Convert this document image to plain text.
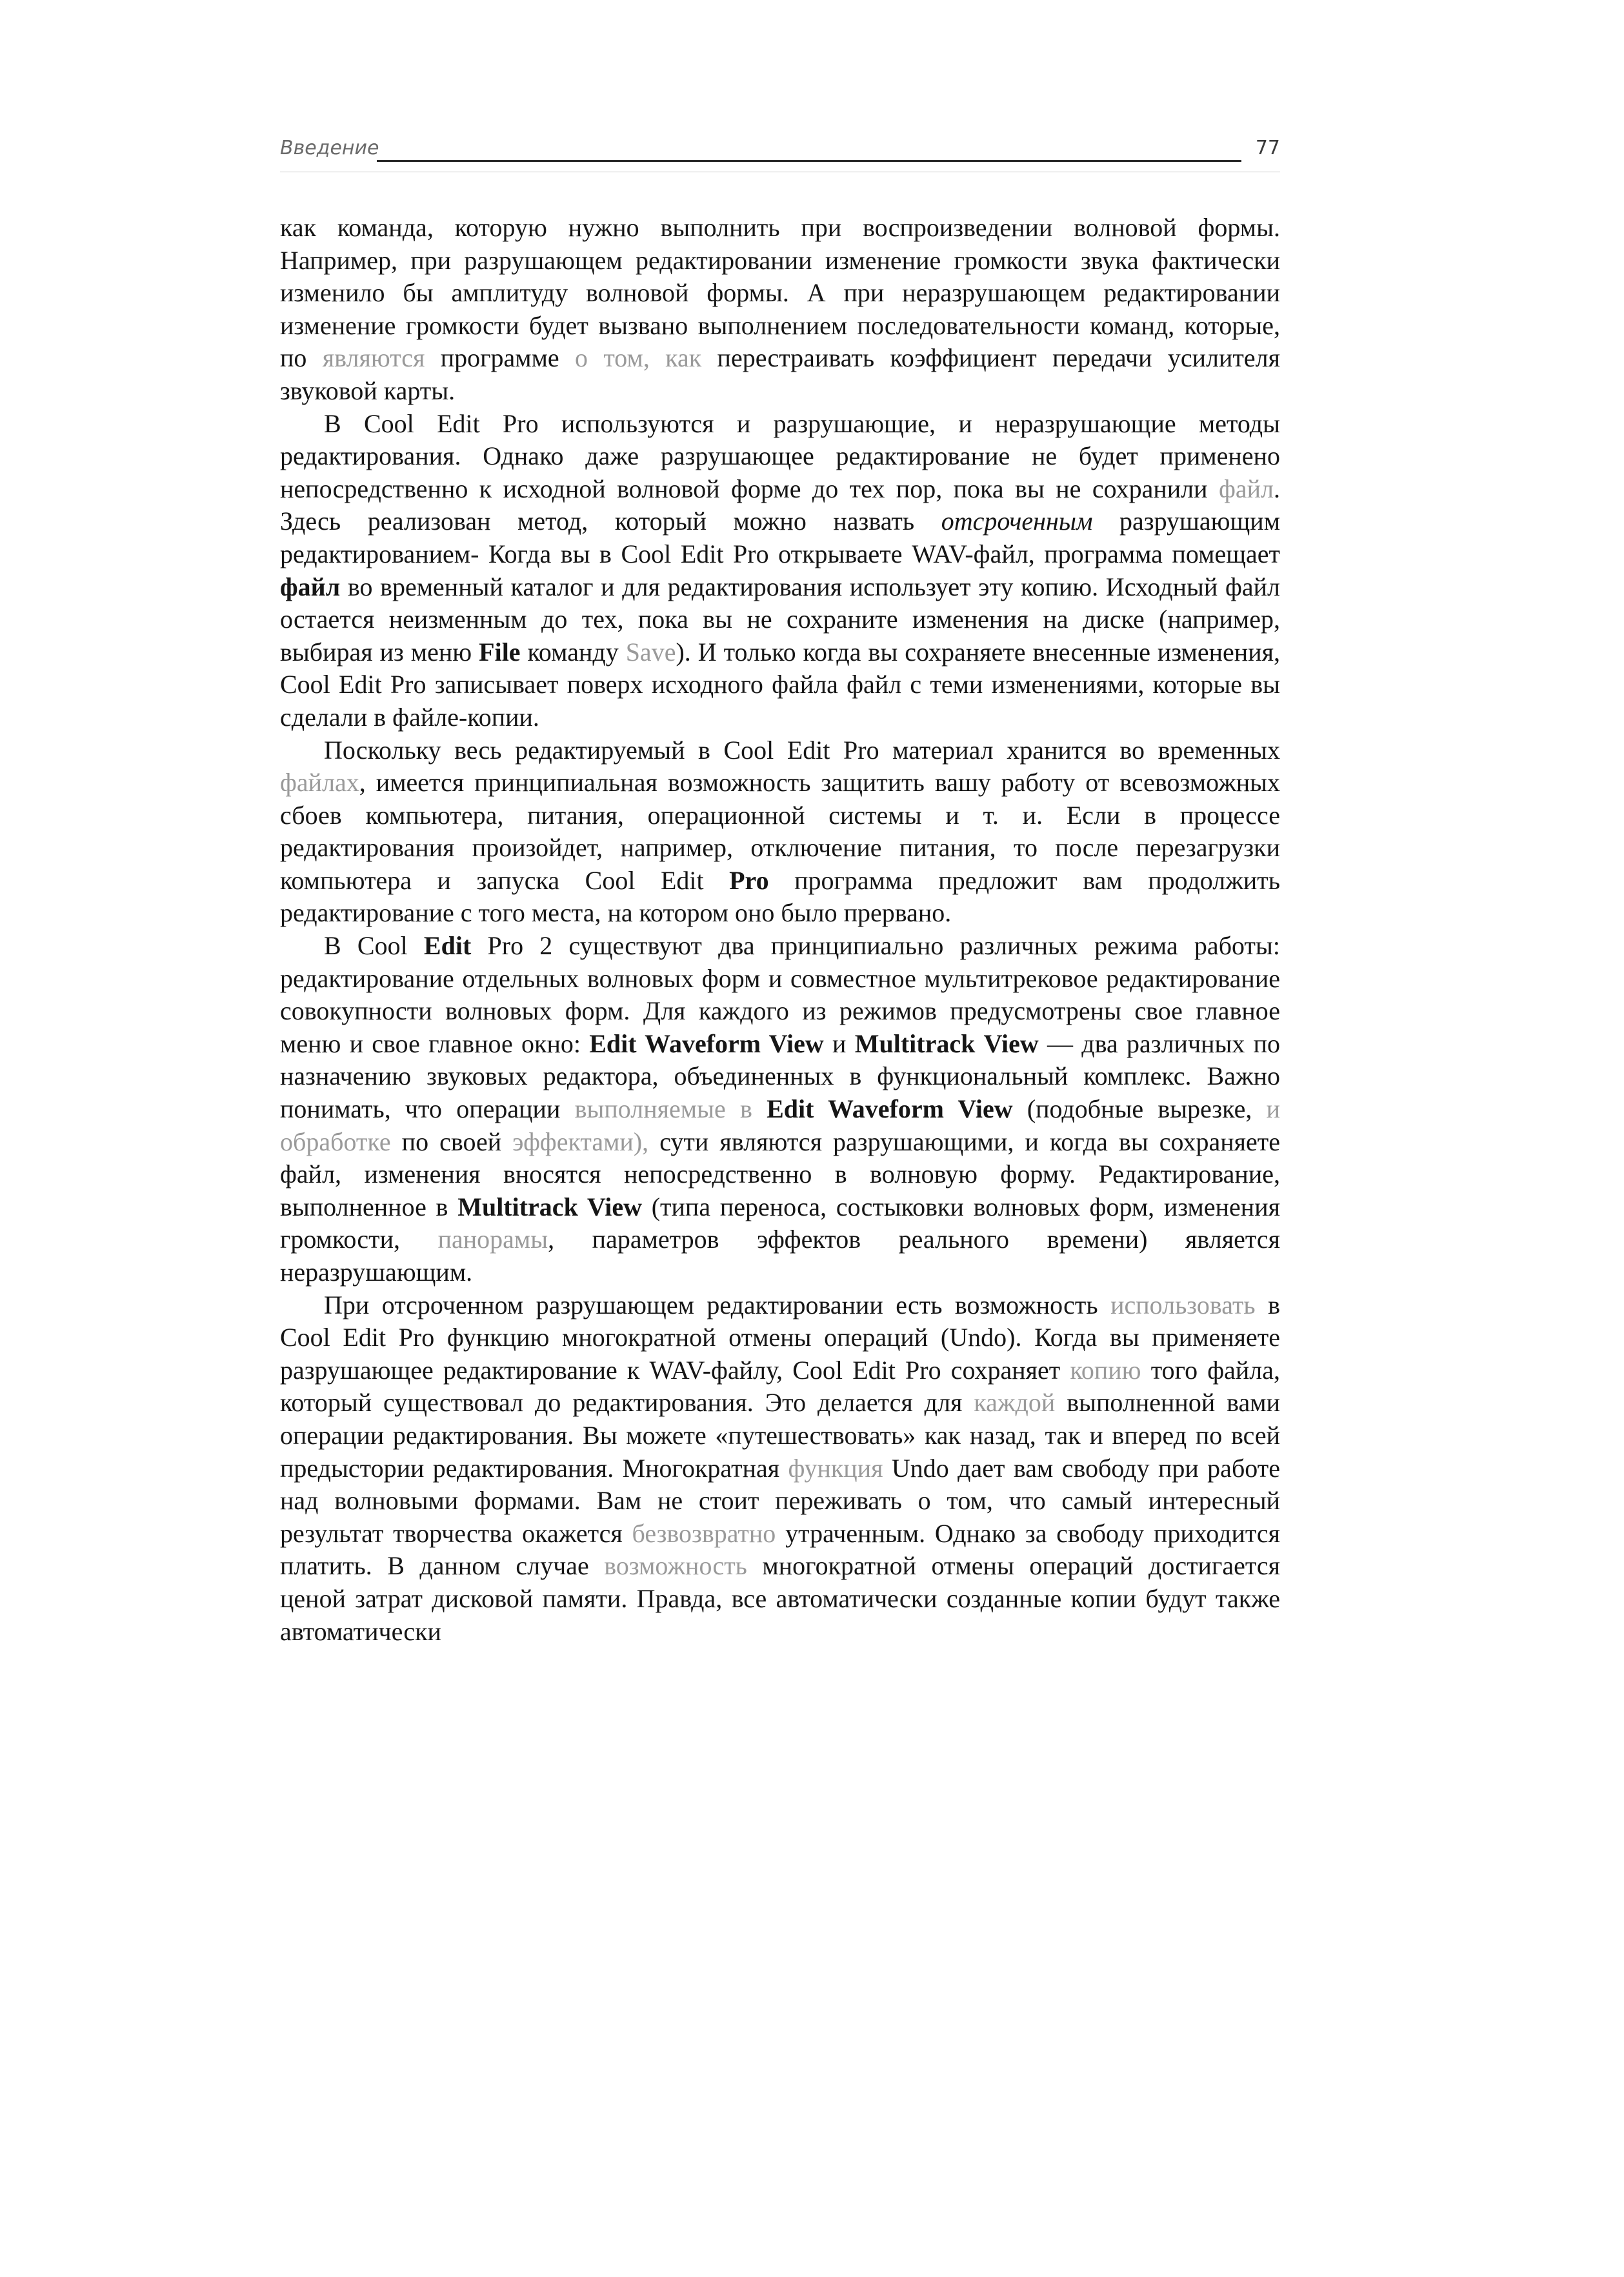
Введение	77

как команда, которую нужно выполнить при воспроизведении волновой формы. Например, при разрушающем редактировании изменение громкости звука фактически изменило бы амплитуду волновой формы. А при неразрушающем редактировании изменение громкости будет вызвано выполнением последовательности команд, которые, по являются программе о том, как перестраивать коэффициент передачи усилителя звуковой карты.

В Cool Edit Pro используются и разрушающие, и неразрушающие методы редактирования. Однако даже разрушающее редактирование не будет применено непосредственно к исходной волновой форме до тех пор, пока вы не сохранили файл. Здесь реализован метод, который можно назвать отсроченным разрушающим редактированием- Когда вы в Cool Edit Pro открываете WAV-файл, программа помещает файл во временный каталог и для редактирования использует эту копию. Исходный файл остается неизменным до тех, пока вы не сохраните изменения на диске (например, выбирая из меню File команду Save). И только когда вы сохраняете внесенные изменения, Cool Edit Pro записывает поверх исходного файла файл с теми изменениями, которые вы сделали в файле-копии.

Поскольку весь редактируемый в Cool Edit Pro материал хранится во временных файлах, имеется принципиальная возможность защитить вашу работу от всевозможных сбоев компьютера, питания, операционной системы и т. и. Если в процессе редактирования произойдет, например, отключение питания, то после перезагрузки компьютера и запуска Cool Edit Pro программа предложит вам продолжить редактирование с того места, на котором оно было прервано.

В Cool Edit Pro 2 существуют два принципиально различных режима работы: редактирование отдельных волновых форм и совместное мультитрековое редактирование совокупности волновых форм. Для каждого из режимов предусмотрены свое главное меню и свое главное окно: Edit Waveform View и Multitrack View — два различных по назначению звуковых редактора, объединенных в функциональный комплекс. Важно понимать, что операции выполняемые в Edit Waveform View (подобные вырезке, и обработке по своей эффектами), сути являются разрушающими, и когда вы сохраняете файл, изменения вносятся непосредственно в волновую форму. Редактирование, выполненное в Multitrack View (типа переноса, состыковки волновых форм, изменения громкости, панорамы, параметров эффектов реального времени) является неразрушающим.

При отсроченном разрушающем редактировании есть возможность использовать в Cool Edit Pro функцию многократной отмены операций (Undo). Когда вы применяете разрушающее редактирование к WAV-файлу, Cool Edit Pro сохраняет копию того файла, который существовал до редактирования. Это делается для каждой выполненной вами операции редактирования. Вы можете «путешествовать» как назад, так и вперед по всей предыстории редактирования. Многократная функция Undo дает вам свободу при работе над волновыми формами. Вам не стоит переживать о том, что самый интересный результат творчества окажется безвозвратно утраченным. Однако за свободу приходится платить. В данном случае возможность многократной отмены операций достигается ценой затрат дисковой памяти. Правда, все автоматически созданные копии будут также автоматически
